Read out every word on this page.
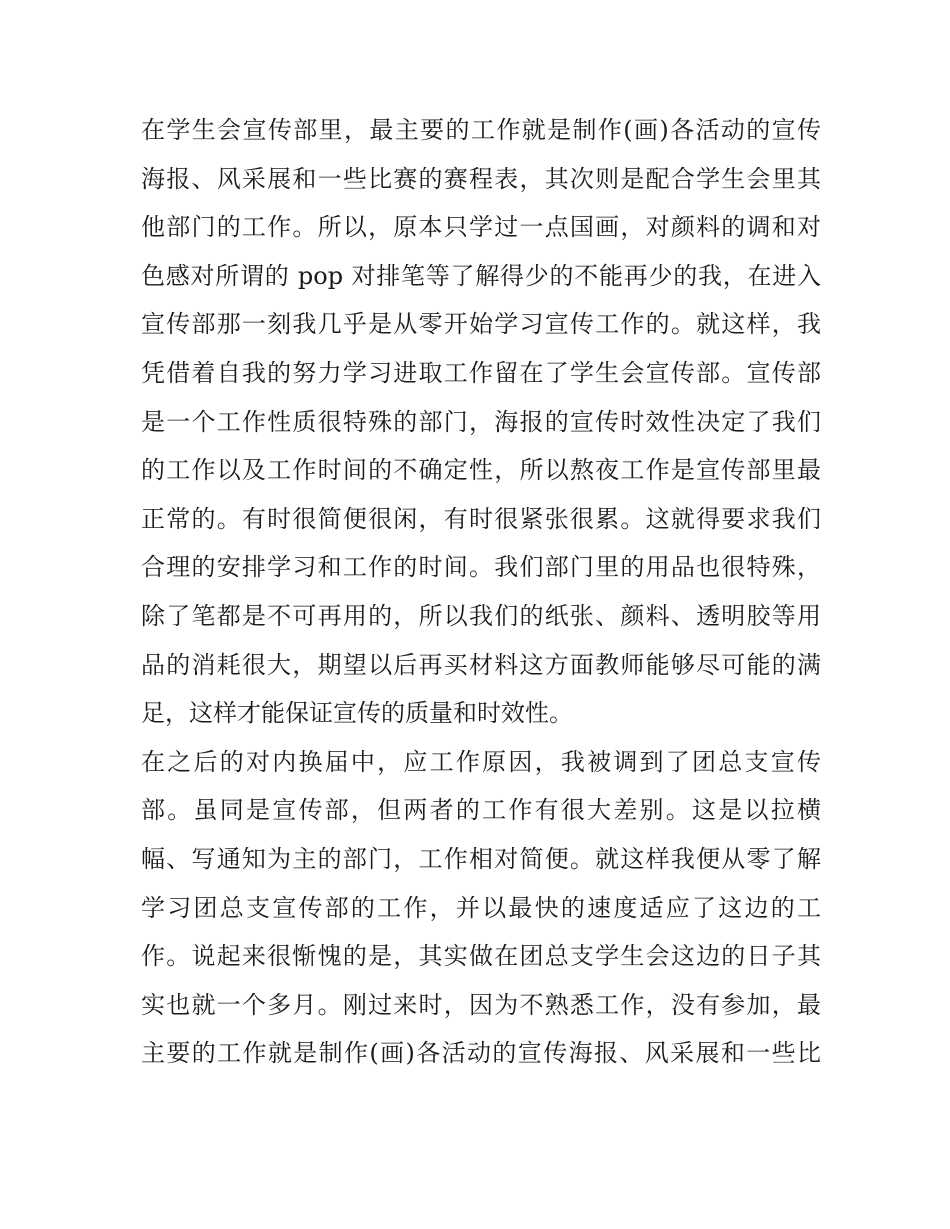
在学生会宣传部里，最主要的工作就是制作(画)各活动的宣传
海报、风采展和一些比赛的赛程表，其次则是配合学生会里其
他部门的工作。所以，原本只学过一点国画，对颜料的调和对
色感对所谓的 pop 对排笔等了解得少的不能再少的我，在进入
宣传部那一刻我几乎是从零开始学习宣传工作的。就这样，我
凭借着自我的努力学习进取工作留在了学生会宣传部。宣传部
是一个工作性质很特殊的部门，海报的宣传时效性决定了我们
的工作以及工作时间的不确定性，所以熬夜工作是宣传部里最
正常的。有时很简便很闲，有时很紧张很累。这就得要求我们
合理的安排学习和工作的时间。我们部门里的用品也很特殊，
除了笔都是不可再用的，所以我们的纸张、颜料、透明胶等用
品的消耗很大，期望以后再买材料这方面教师能够尽可能的满
足，这样才能保证宣传的质量和时效性。
在之后的对内换届中，应工作原因，我被调到了团总支宣传
部。虽同是宣传部，但两者的工作有很大差别。这是以拉横
幅、写通知为主的部门，工作相对简便。就这样我便从零了解
学习团总支宣传部的工作，并以最快的速度适应了这边的工
作。说起来很惭愧的是，其实做在团总支学生会这边的日子其
实也就一个多月。刚过来时，因为不熟悉工作，没有参加，最
主要的工作就是制作(画)各活动的宣传海报、风采展和一些比
